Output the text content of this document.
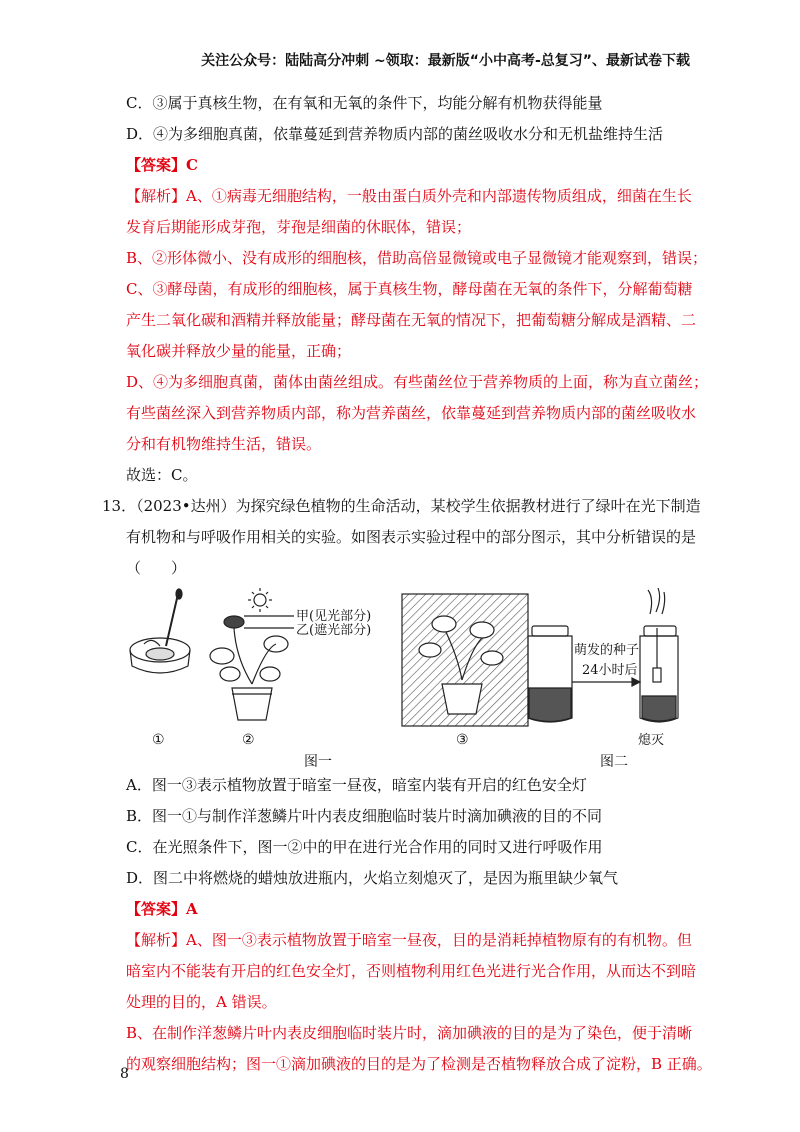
关注公众号：陆陆高分冲刺 ~领取：最新版“小中高考-总复习”、最新试卷下载
C．③属于真核生物，在有氧和无氧的条件下，均能分解有机物获得能量
D．④为多细胞真菌，依靠蔓延到营养物质内部的菌丝吸收水分和无机盐维持生活
【答案】C
【解析】A、①病毒无细胞结构，一般由蛋白质外壳和内部遗传物质组成，细菌在生长
发育后期能形成芽孢，芽孢是细菌的休眠体，错误；
B、②形体微小、没有成形的细胞核，借助高倍显微镜或电子显微镜才能观察到，错误；
C、③酵母菌，有成形的细胞核，属于真核生物，酵母菌在无氧的条件下，分解葡萄糖
产生二氧化碳和酒精并释放能量；酵母菌在无氧的情况下，把葡萄糖分解成是酒精、二
氧化碳并释放少量的能量，正确；
D、④为多细胞真菌，菌体由菌丝组成。有些菌丝位于营养物质的上面，称为直立菌丝；
有些菌丝深入到营养物质内部，称为营养菌丝，依靠蔓延到营养物质内部的菌丝吸收水
分和有机物维持生活，错误。
故选：C。
13．（2023•达州）为探究绿色植物的生命活动，某校学生依据教材进行了绿叶在光下制造
有机物和与呼吸作用相关的实验。如图表示实验过程中的部分图示，其中分析错误的是
（　　）
甲(见光部分)
乙(遮光部分)
萌发的种子
24小时后
熄灭
①	②	③
图一	图二
A．图一③表示植物放置于暗室一昼夜，暗室内装有开启的红色安全灯
B．图一①与制作洋葱鳞片叶内表皮细胞临时装片时滴加碘液的目的不同
C．在光照条件下，图一②中的甲在进行光合作用的同时又进行呼吸作用
D．图二中将燃烧的蜡烛放进瓶内，火焰立刻熄灭了，是因为瓶里缺少氧气
【答案】A
【解析】A、图一③表示植物放置于暗室一昼夜，目的是消耗掉植物原有的有机物。但
暗室内不能装有开启的红色安全灯，否则植物利用红色光进行光合作用，从而达不到暗
处理的目的，A 错误。
B、在制作洋葱鳞片叶内表皮细胞临时装片时，滴加碘液的目的是为了染色，便于清晰
的观察细胞结构；图一①滴加碘液的目的是为了检测是否植物释放合成了淀粉，B 正确。
8
